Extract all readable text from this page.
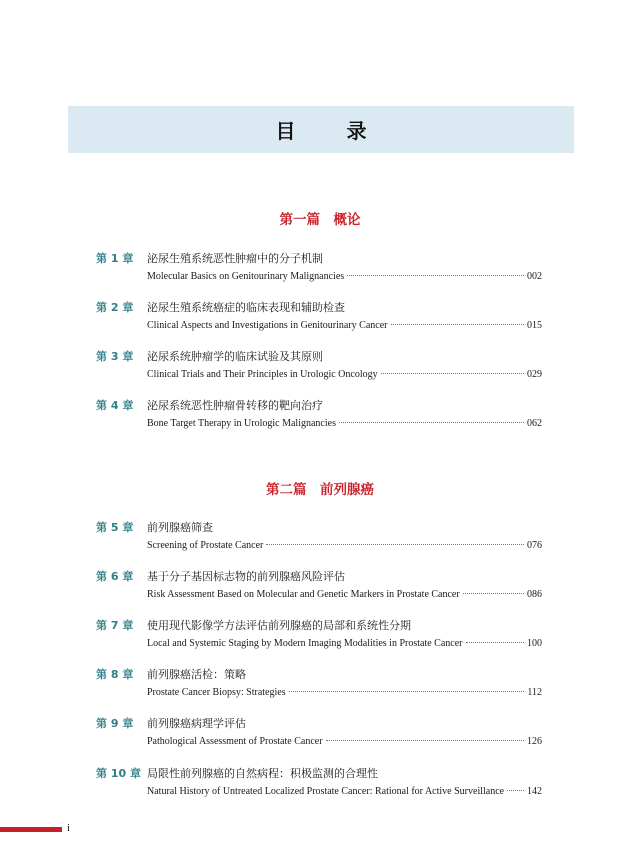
目 录
第一篇　概论
第 1 章 泌尿生殖系统恶性肿瘤中的分子机制
Molecular Basics on Genitourinary Malignancies	002
第 2 章 泌尿生殖系统癌症的临床表现和辅助检查
Clinical Aspects and Investigations in Genitourinary Cancer	015
第 3 章 泌尿系统肿瘤学的临床试验及其原则
Clinical Trials and Their Principles in Urologic Oncology	029
第 4 章 泌尿系统恶性肿瘤骨转移的靶向治疗
Bone Target Therapy in Urologic Malignancies	062
第二篇　前列腺癌
第 5 章 前列腺癌筛查
Screening of Prostate Cancer	076
第 6 章 基于分子基因标志物的前列腺癌风险评估
Risk Assessment Based on Molecular and Genetic Markers in Prostate Cancer	086
第 7 章 使用现代影像学方法评估前列腺癌的局部和系统性分期
Local and Systemic Staging by Modern Imaging Modalities in Prostate Cancer	100
第 8 章 前列腺癌活检：策略
Prostate Cancer Biopsy: Strategies	112
第 9 章 前列腺癌病理学评估
Pathological Assessment of Prostate Cancer	126
第 10 章 局限性前列腺癌的自然病程：积极监测的合理性
Natural History of Untreated Localized Prostate Cancer: Rational for Active Surveillance 142
i
